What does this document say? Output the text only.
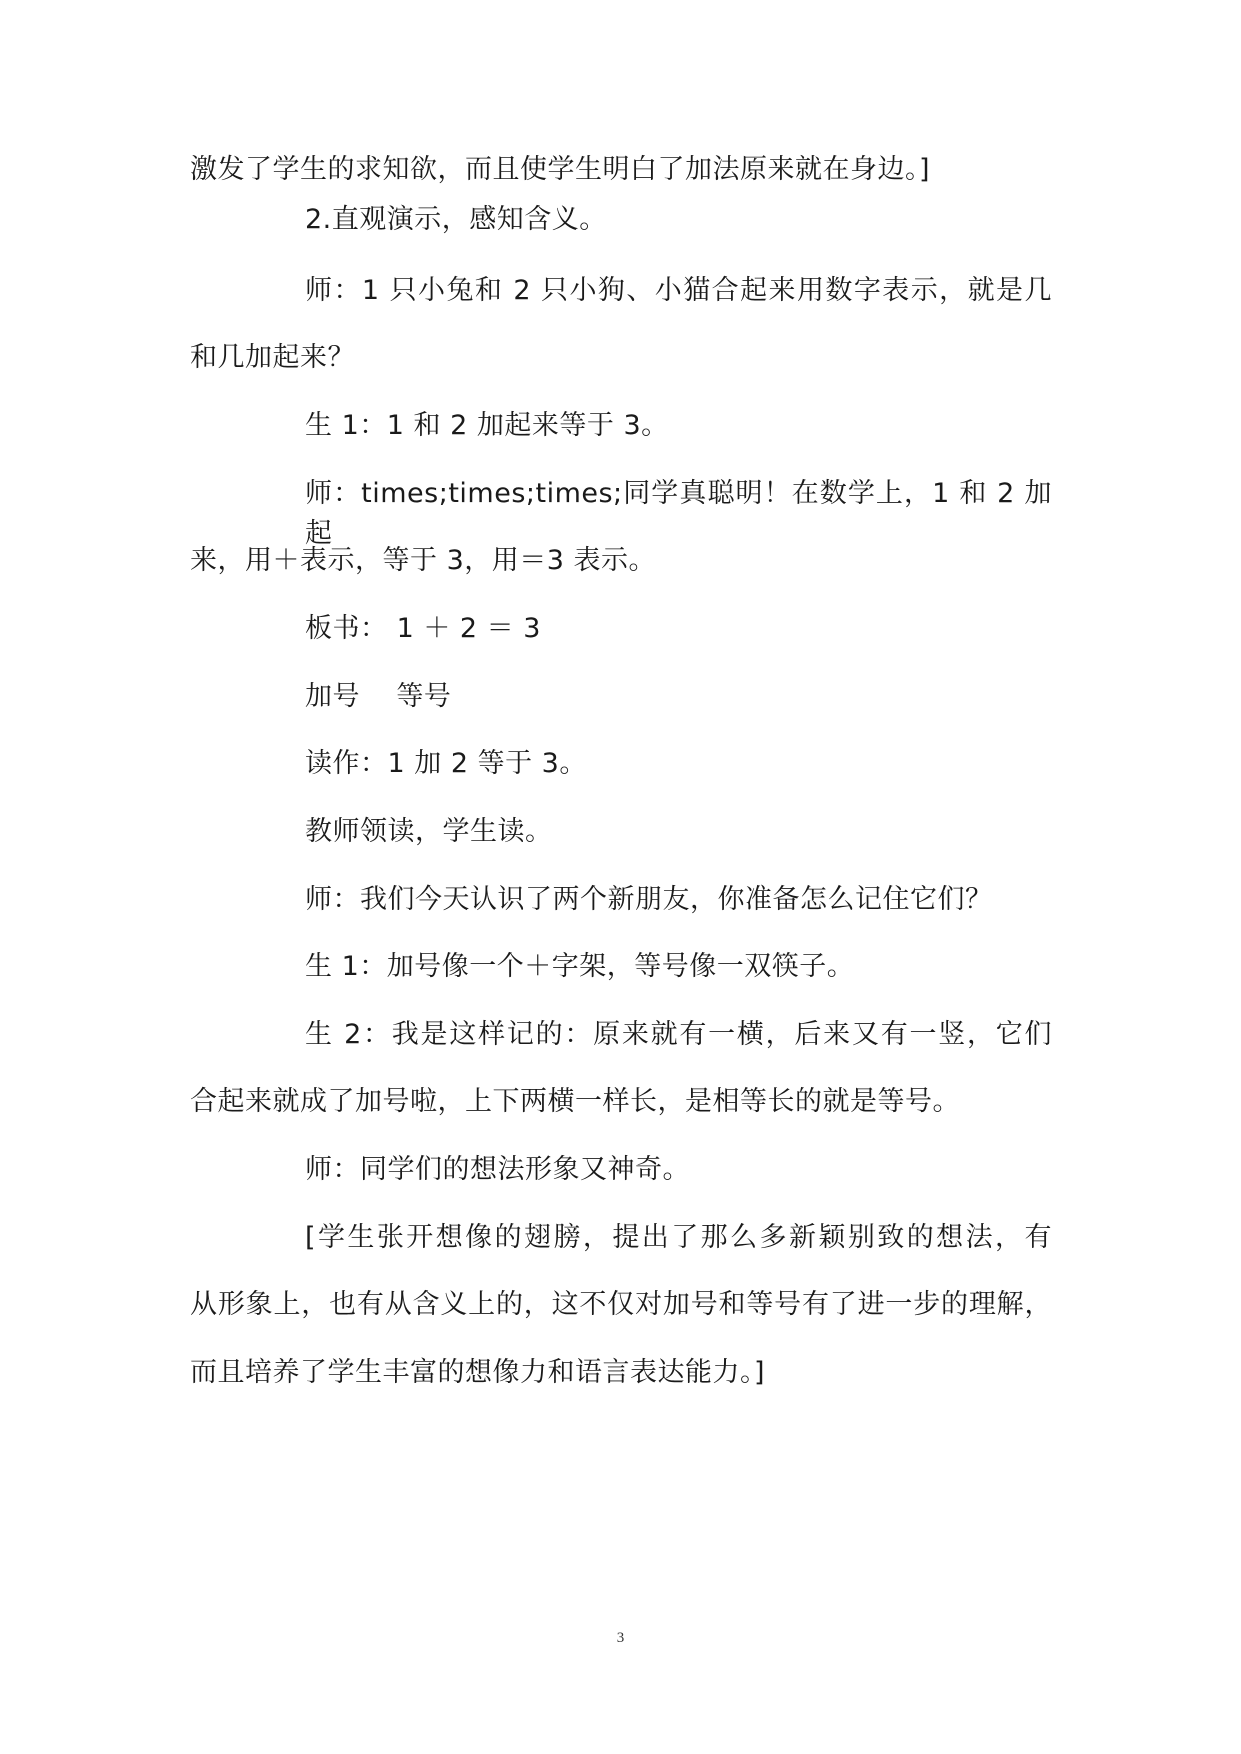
激发了学生的求知欲，而且使学生明白了加法原来就在身边。]
2.直观演示，感知含义。
师：1 只小兔和 2 只小狗、小猫合起来用数字表示，就是几
和几加起来？
生 1：1 和 2 加起来等于 3。
师：times;times;times;同学真聪明！在数学上，1 和 2 加起
来，用＋表示，等于 3，用＝3 表示。
板书： 1 ＋ 2 ＝ 3
加号    等号
读作：1 加 2 等于 3。
教师领读，学生读。
师：我们今天认识了两个新朋友，你准备怎么记住它们？
生 1：加号像一个＋字架，等号像一双筷子。
生 2：我是这样记的：原来就有一横，后来又有一竖，它们
合起来就成了加号啦，上下两横一样长，是相等长的就是等号。
师：同学们的想法形象又神奇。
[学生张开想像的翅膀，提出了那么多新颖别致的想法，有
从形象上，也有从含义上的，这不仅对加号和等号有了进一步的理解，
而且培养了学生丰富的想像力和语言表达能力。]
3
